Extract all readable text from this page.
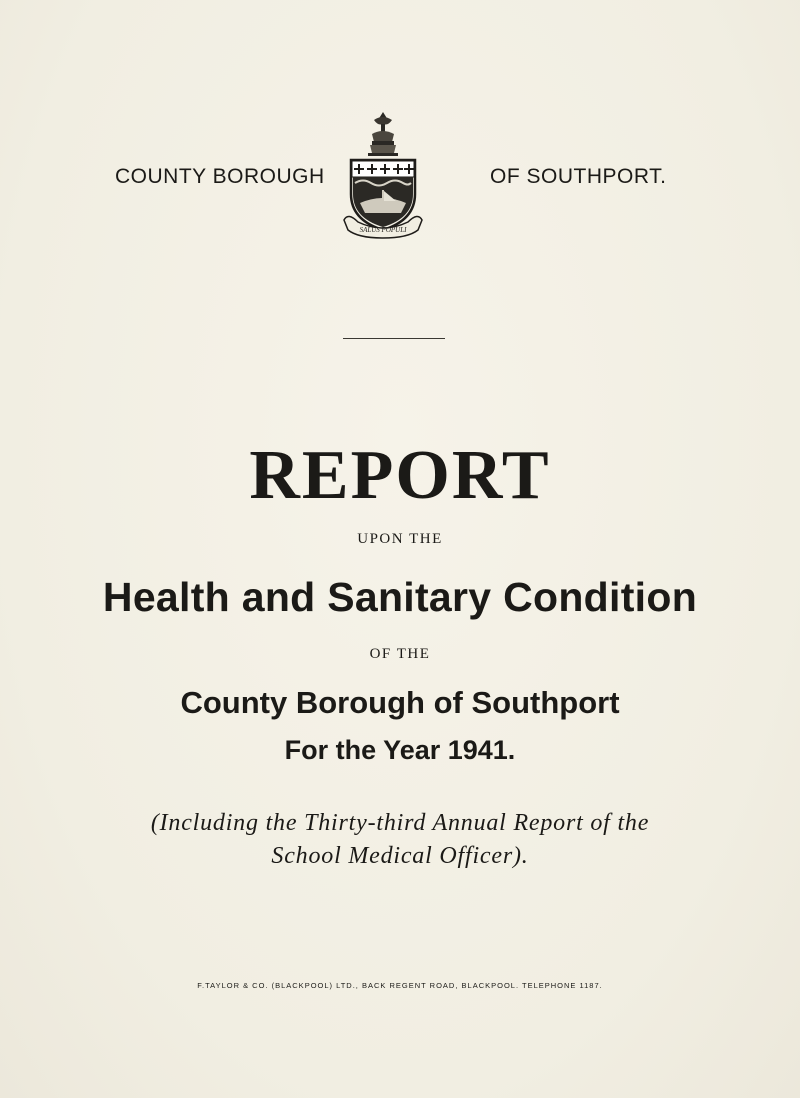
COUNTY BOROUGH
SALUS POPULI
OF SOUTHPORT.
REPORT
UPON THE
Health and Sanitary Condition
OF THE
County Borough of Southport
For the Year 1941.
(Including the Thirty-third Annual Report of the
School Medical Officer).
F.TAYLOR & CO. (BLACKPOOL) LTD., BACK REGENT ROAD, BLACKPOOL. TELEPHONE 1187.
